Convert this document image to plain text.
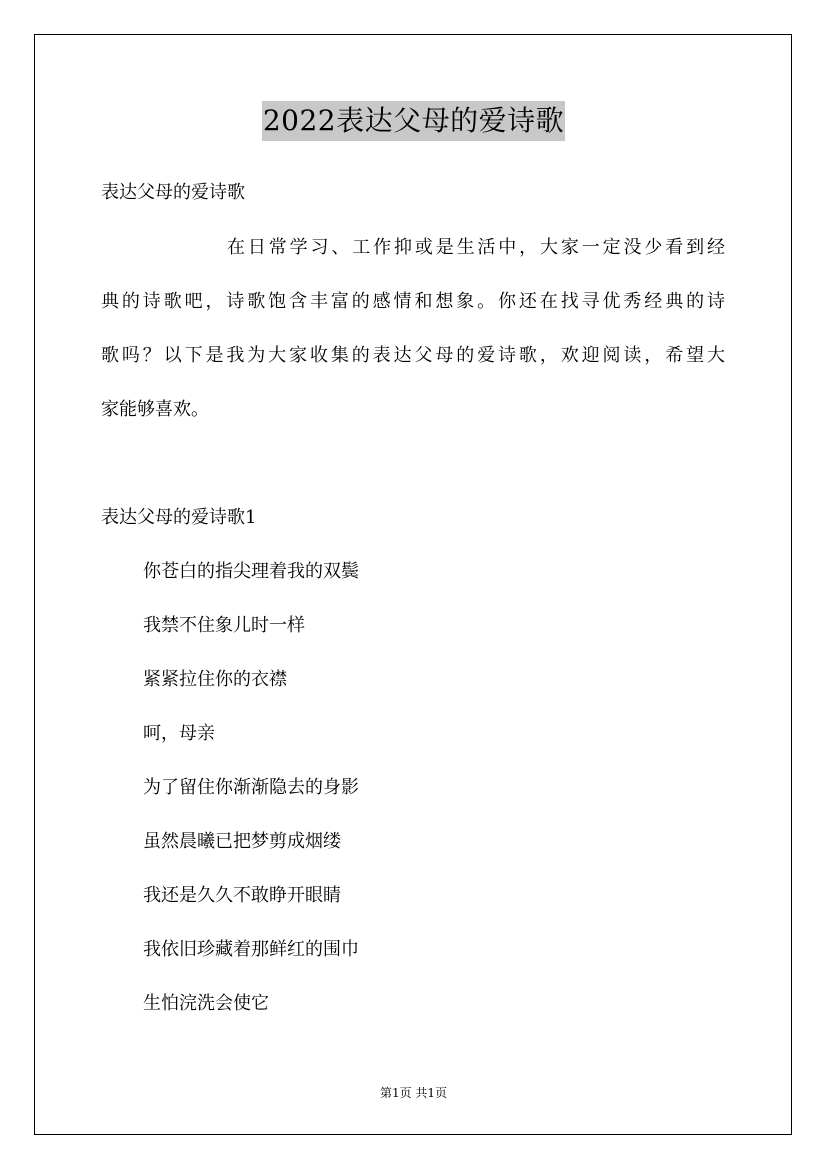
2022表达父母的爱诗歌
表达父母的爱诗歌
在日常学习、工作抑或是生活中，大家一定没少看到经
典的诗歌吧，诗歌饱含丰富的感情和想象。你还在找寻优秀经典的诗
歌吗？以下是我为大家收集的表达父母的爱诗歌，欢迎阅读，希望大
家能够喜欢。
表达父母的爱诗歌1
你苍白的指尖理着我的双鬓
我禁不住象儿时一样
紧紧拉住你的衣襟
呵，母亲
为了留住你渐渐隐去的身影
虽然晨曦已把梦剪成烟缕
我还是久久不敢睁开眼睛
我依旧珍藏着那鲜红的围巾
生怕浣洗会使它
第1页 共1页
